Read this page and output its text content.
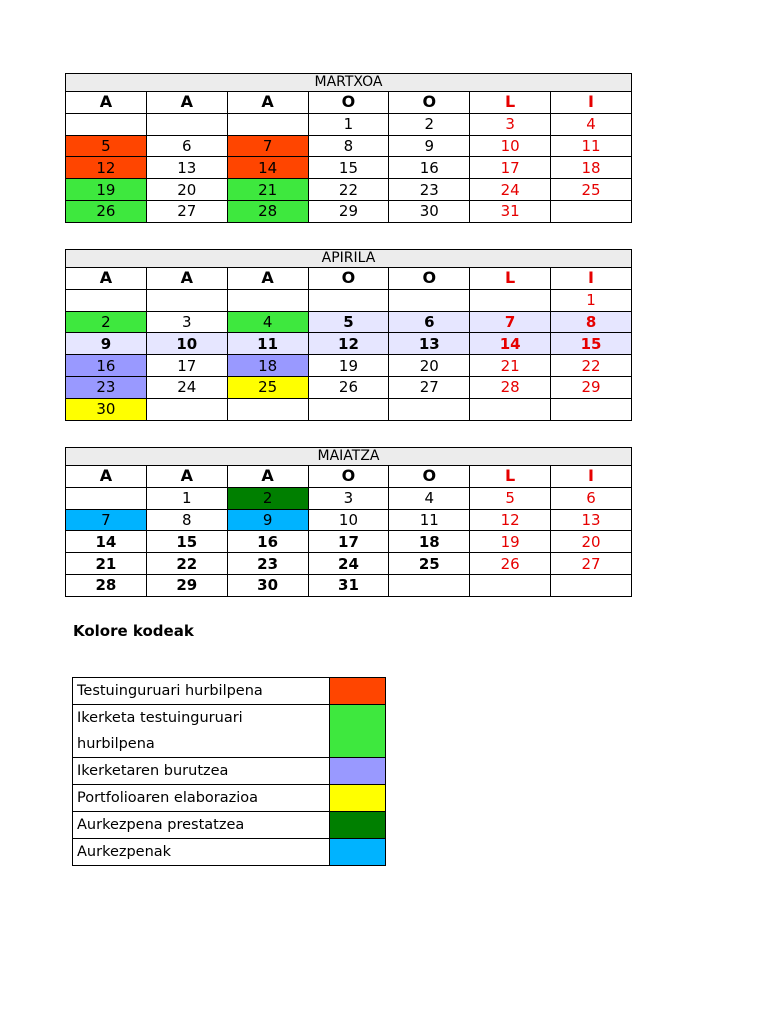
MARTXOA						
A	A	A	O	O	L	I
			1	2	3	4
5	6	7	8	9	10	11
12	13	14	15	16	17	18
19	20	21	22	23	24	25
26	27	28	29	30	31	
APIRILA						
A	A	A	O	O	L	I
						1
2	3	4	5	6	7	8
9	10	11	12	13	14	15
16	17	18	19	20	21	22
23	24	25	26	27	28	29
30						
MAIATZA						
A	A	A	O	O	L	I
	1	2	3	4	5	6
7	8	9	10	11	12	13
14	15	16	17	18	19	20
21	22	23	24	25	26	27
28	29	30	31			
Kolore kodeak
Testuinguruari hurbilpena	
Ikerketa testuinguruari hurbilpena	
Ikerketaren burutzea	
Portfolioaren elaborazioa	
Aurkezpena prestatzea	
Aurkezpenak	
